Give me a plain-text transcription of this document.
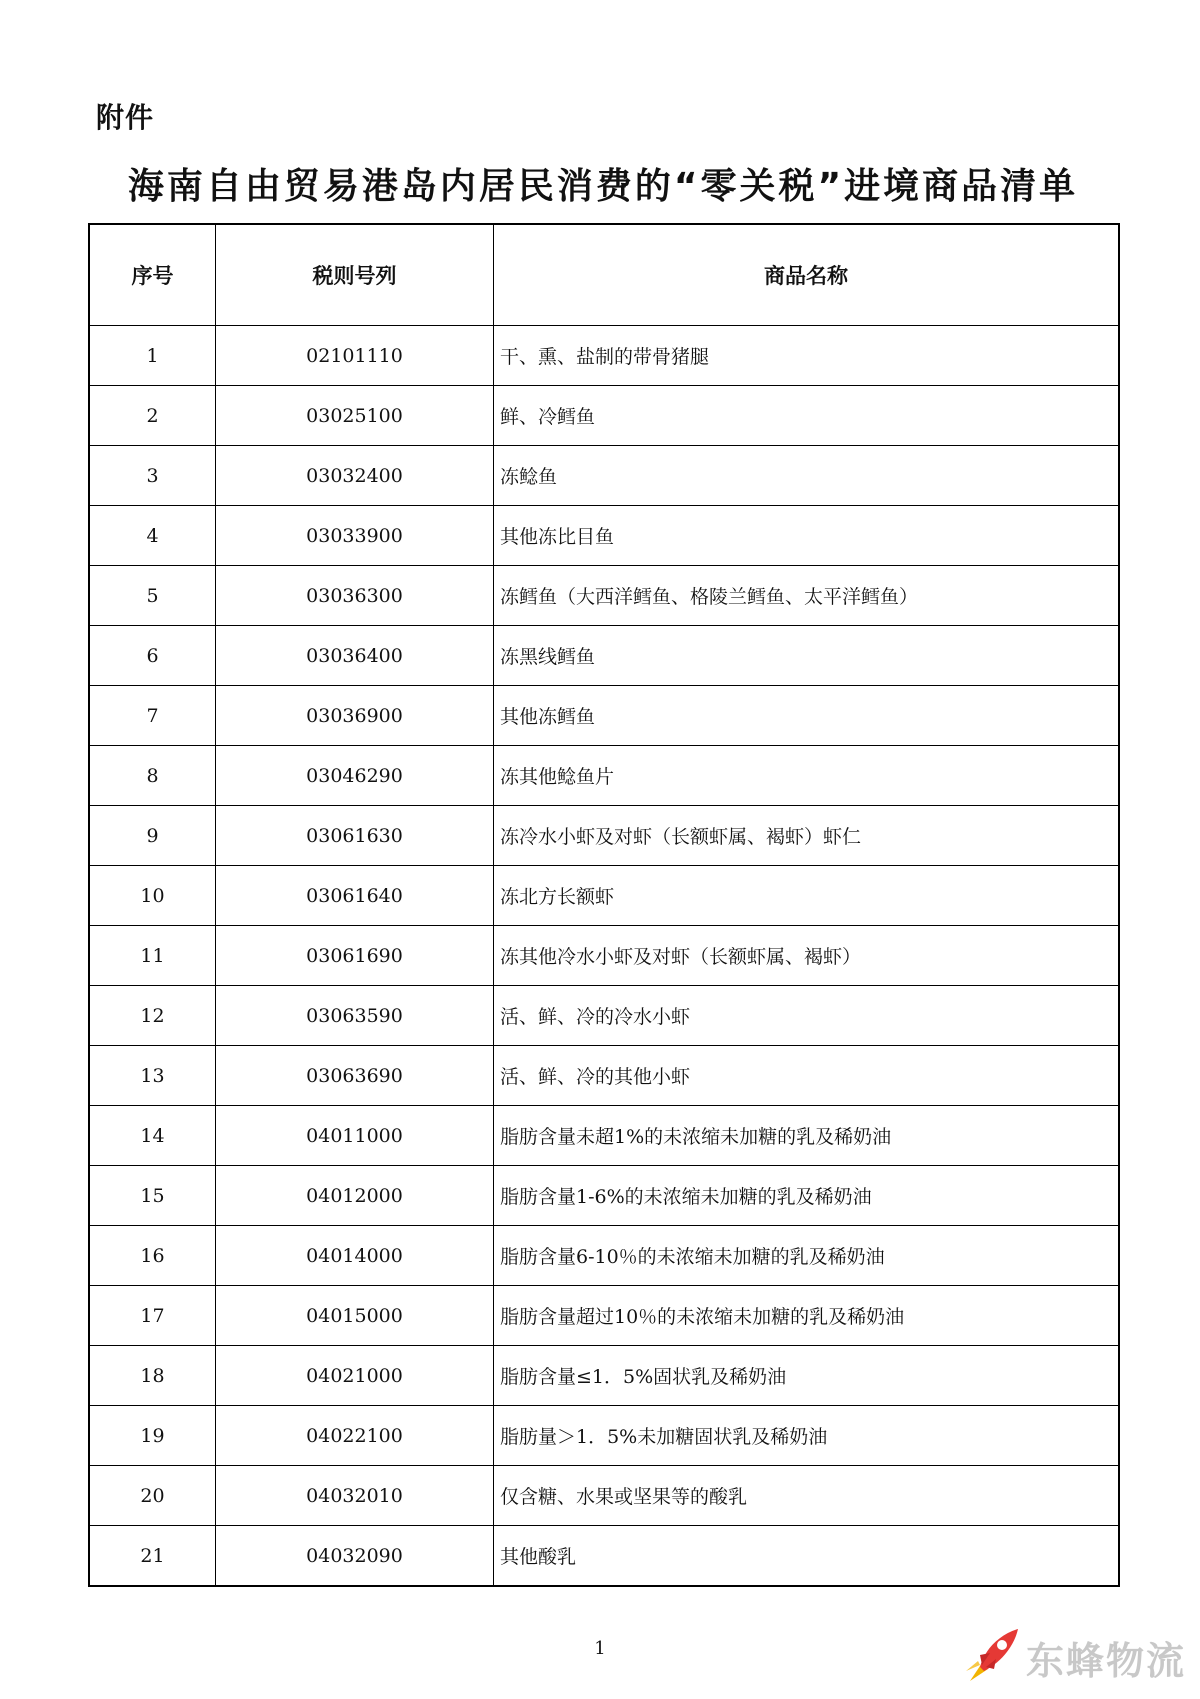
附件
海南自由贸易港岛内居民消费的“零关税”进境商品清单
序号	税则号列	商品名称
1	02101110	干、熏、盐制的带骨猪腿
2	03025100	鲜、冷鳕鱼
3	03032400	冻鲶鱼
4	03033900	其他冻比目鱼
5	03036300	冻鳕鱼（大西洋鳕鱼、格陵兰鳕鱼、太平洋鳕鱼）
6	03036400	冻黑线鳕鱼
7	03036900	其他冻鳕鱼
8	03046290	冻其他鲶鱼片
9	03061630	冻冷水小虾及对虾（长额虾属、褐虾）虾仁
10	03061640	冻北方长额虾
11	03061690	冻其他冷水小虾及对虾（长额虾属、褐虾）
12	03063590	活、鲜、冷的冷水小虾
13	03063690	活、鲜、冷的其他小虾
14	04011000	脂肪含量未超1%的未浓缩未加糖的乳及稀奶油
15	04012000	脂肪含量1-6%的未浓缩未加糖的乳及稀奶油
16	04014000	脂肪含量6-10％的未浓缩未加糖的乳及稀奶油
17	04015000	脂肪含量超过10％的未浓缩未加糖的乳及稀奶油
18	04021000	脂肪含量≤1．5%固状乳及稀奶油
19	04022100	脂肪量＞1．5%未加糖固状乳及稀奶油
20	04032010	仅含糖、水果或坚果等的酸乳
21	04032090	其他酸乳
1	东蜂物流
